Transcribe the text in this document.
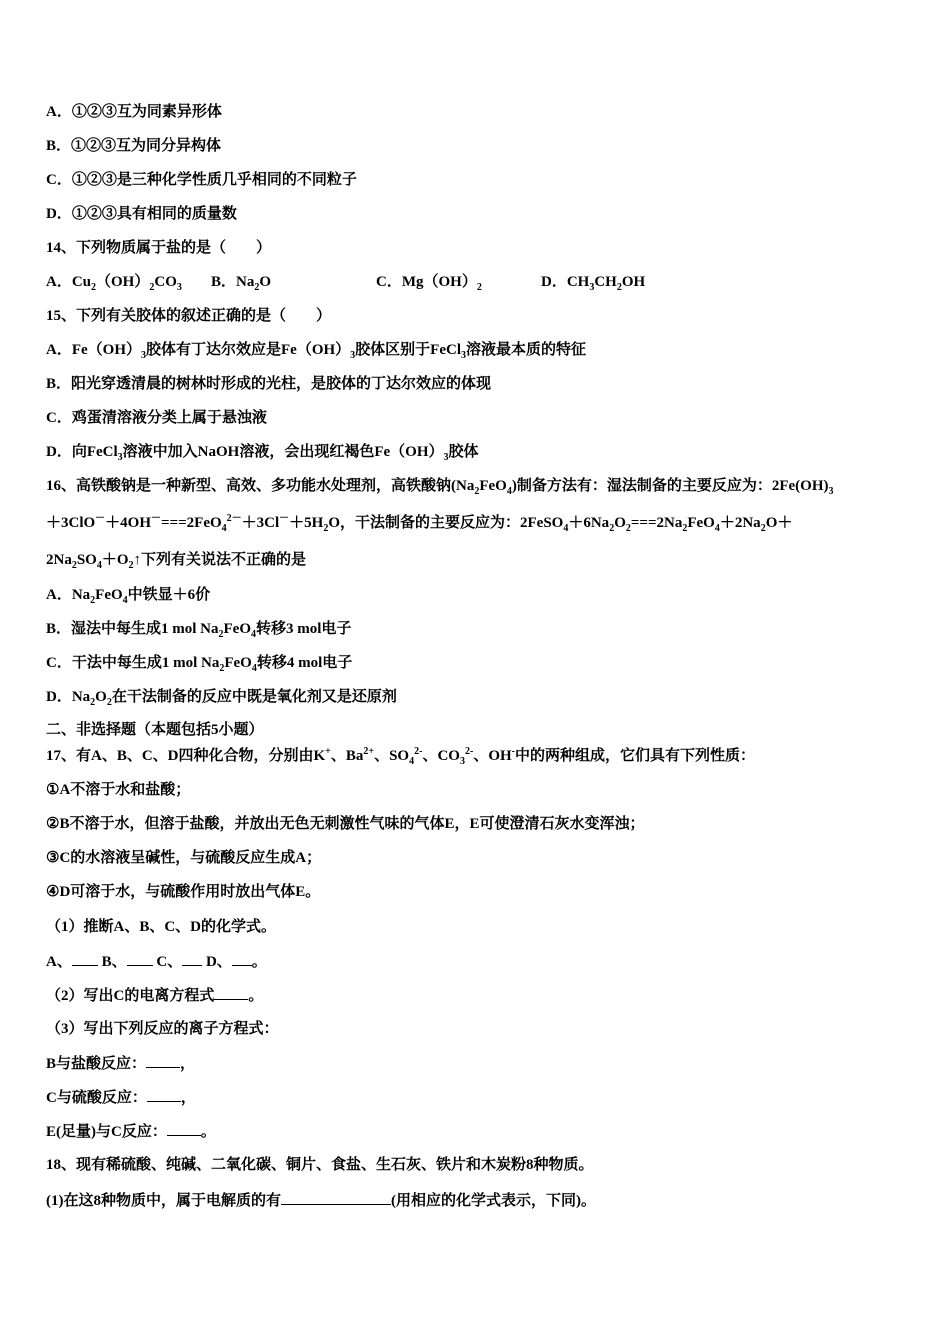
A．①②③互为同素异形体
B．①②③互为同分异构体
C．①②③是三种化学性质几乎相同的不同粒子
D．①②③具有相同的质量数
14、下列物质属于盐的是（　　）
A．$Cu_2(OH)_2CO_3$ B．$Na_2O$	C．$Mg(OH)_2$	D．$CH_3CH_2OH$
15、下列有关胶体的叙述正确的是（　　）
A．$Fe(OH)_3$胶体有丁达尔效应是$Fe(OH)_3$胶体区别于FeCl$_3$溶液最本质的特征
B．阳光穿透清晨的树林时形成的光柱，是胶体的丁达尔效应的体现
C．鸡蛋清溶液分类上属于悬浊液
D．向FeCl$_3$溶液中加入NaOH溶液，会出现红褐色$Fe(OH)_3$胶体
16、高铁酸钠是一种新型、高效、多功能水处理剂，高铁酸钠$(Na_2FeO_4)$制备方法有：湿法制备的主要反应为：$2Fe(OH)_3$
$+3ClO^-+4OH^-===2FeO_4^{2-}+3Cl^-+5H_2O$，干法制备的主要反应为：$2FeSO_4+6Na_2O_2===2Na_2FeO_4+2Na_2O+$
$2Na_2SO_4+O_2↑$下列有关说法不正确的是
A．$Na_2FeO_4$中铁显＋6价
B．湿法中每生成1 mol $Na_2FeO_4$转移3 mol电子
C．干法中每生成1 mol $Na_2FeO_4$转移4 mol电子
D．$Na_2O_2$在干法制备的反应中既是氧化剂又是还原剂
二、非选择题（本题包括5小题）
17、有A、B、C、D四种化合物，分别由K+、$Ba^{2+}$、$SO_4^{2-}$、$CO_3^{2-}$、OH-中的两种组成，它们具有下列性质：
①A不溶于水和盐酸；
②B不溶于水，但溶于盐酸，并放出无色无刺激性气味的气体E，E可使澄清石灰水变浑浊；
③C的水溶液呈碱性，与硫酸反应生成A；
④D可溶于水，与硫酸作用时放出气体E。
（1）推断A、B、C、D的化学式。
A、 B、 C、 D、 。
（2）写出C的电离方程式 。
（3）写出下列反应的离子方程式：
B与盐酸反应： ，
C与硫酸反应： ，
E(足量)与C反应： 。
18、现有稀硫酸、纯碱、二氧化碳、铜片、食盐、生石灰、铁片和木炭粉8种物质。
(1)在这8种物质中，属于电解质的有	(用相应的化学式表示，下同)。
